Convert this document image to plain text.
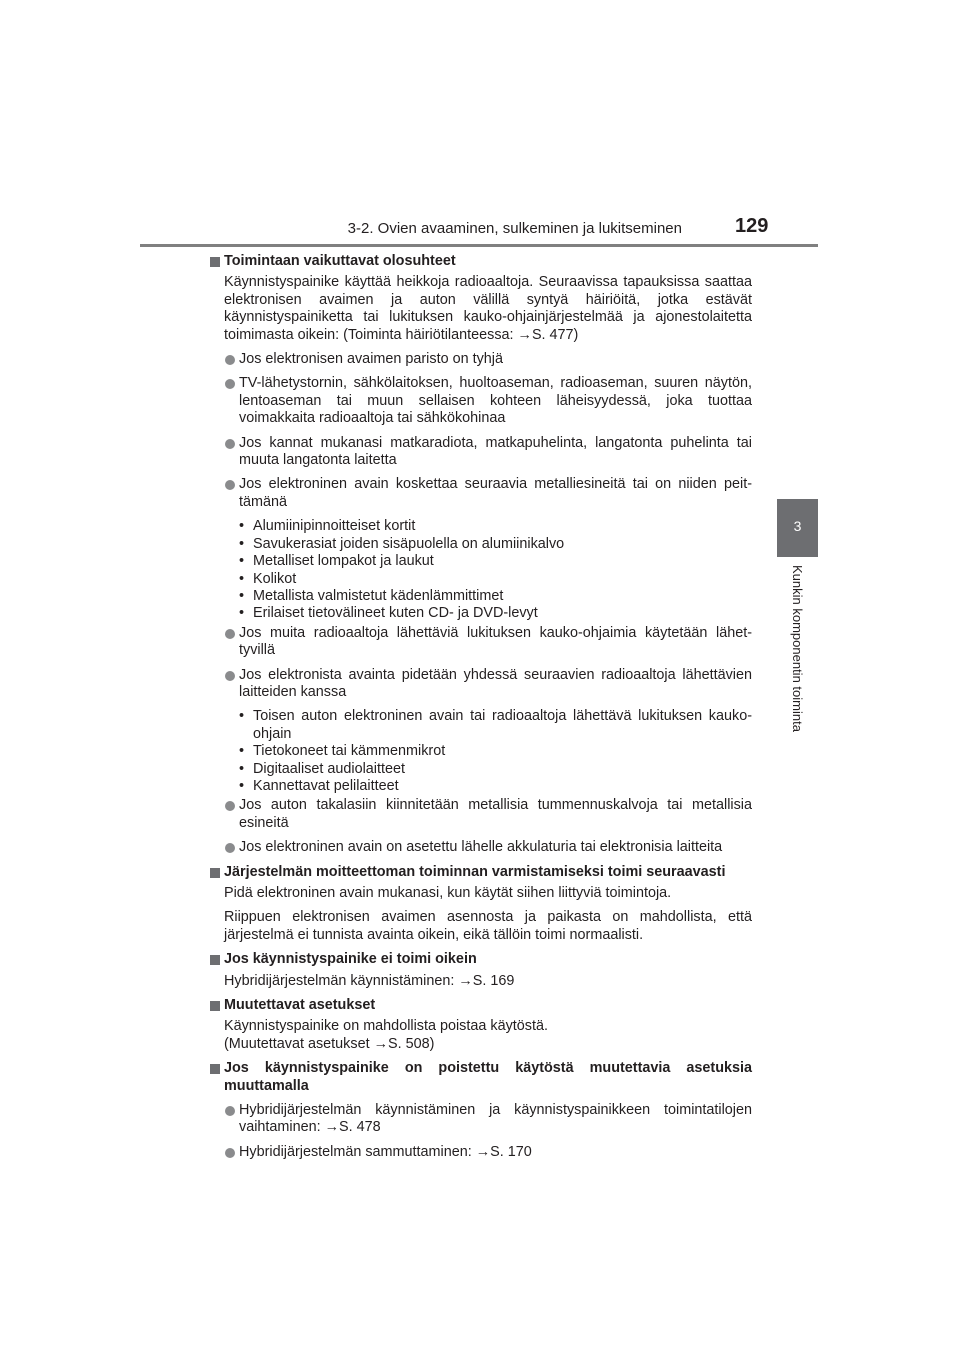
3-2. Ovien avaaminen, sulkeminen ja lukitseminen	129
3
Kunkin komponentin toiminta
Toimintaan vaikuttavat olosuhteet
Käynnistyspainike käyttää heikkoja radioaaltoja. Seuraavissa tapauksissa saattaa elektronisen avaimen ja auton välillä syntyä häiriöitä, jotka estävät käynnistyspainiketta tai lukituksen kauko-ohjainjärjestelmää ja ajonestolaitetta toimimasta oikein: (Toiminta häiriötilanteessa: →S. 477)
Jos elektronisen avaimen paristo on tyhjä
TV-lähetystornin, sähkölaitoksen, huoltoaseman, radioaseman, suuren näytön, lentoaseman tai muun sellaisen kohteen läheisyydessä, joka tuottaa voimakkaita radioaaltoja tai sähkökohinaa
Jos kannat mukanasi matkaradiota, matkapuhelinta, langatonta puhelinta tai muuta langatonta laitetta
Jos elektroninen avain koskettaa seuraavia metalliesineitä tai on niiden peit- tämänä
• Alumiinipinnoitteiset kortit
• Savukerasiat joiden sisäpuolella on alumiinikalvo
• Metalliset lompakot ja laukut
• Kolikot
• Metallista valmistetut kädenlämmittimet
• Erilaiset tietovälineet kuten CD- ja DVD-levyt
Jos muita radioaaltoja lähettäviä lukituksen kauko-ohjaimia käytetään lähet- tyvillä
Jos elektronista avainta pidetään yhdessä seuraavien radioaaltoja lähettävien laitteiden kanssa
• Toisen auton elektroninen avain tai radioaaltoja lähettävä lukituksen kauko-ohjain
• Tietokoneet tai kämmenmikrot
• Digitaaliset audiolaitteet
• Kannettavat pelilaitteet
Jos auton takalasiin kiinnitetään metallisia tummennuskalvoja tai metallisia esineitä
Jos elektroninen avain on asetettu lähelle akkulaturia tai elektronisia laitteita
Järjestelmän moitteettoman toiminnan varmistamiseksi toimi seuraavasti
Pidä elektroninen avain mukanasi, kun käytät siihen liittyviä toimintoja.
Riippuen elektronisen avaimen asennosta ja paikasta on mahdollista, että järjestelmä ei tunnista avainta oikein, eikä tällöin toimi normaalisti.
Jos käynnistyspainike ei toimi oikein
Hybridijärjestelmän käynnistäminen: →S. 169
Muutettavat asetukset
Käynnistyspainike on mahdollista poistaa käytöstä.
(Muutettavat asetukset →S. 508)
Jos käynnistyspainike on poistettu käytöstä muutettavia asetuksia muuttamalla
Hybridijärjestelmän käynnistäminen ja käynnistyspainikkeen toimintatilojen vaihtaminen: →S. 478
Hybridijärjestelmän sammuttaminen: →S. 170
